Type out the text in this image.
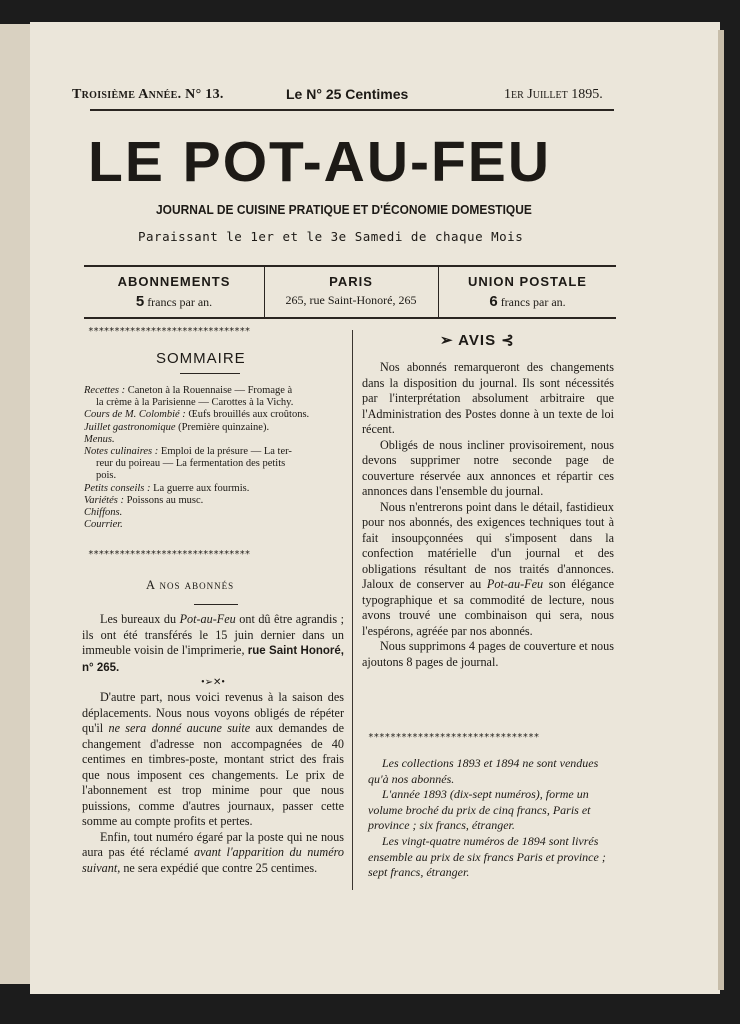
Troisième Année. N° 13.	Le N° 25 Centimes	1er Juillet 1895.
LE POT-AU-FEU
JOURNAL DE CUISINE PRATIQUE ET D'ÉCONOMIE DOMESTIQUE
Paraissant le 1er et le 3e Samedi de chaque Mois
ABONNEMENTS
5 francs par an.
PARIS
265, rue Saint-Honoré, 265
UNION POSTALE
6 francs par an.
*******************************
SOMMAIRE

Recettes : Caneton à la Rouennaise — Fromage à

la crème à la Parisienne — Carottes à la Vichy.

Cours de M. Colombié : Œufs brouillés aux croûtons.

Juillet gastronomique (Première quinzaine).

Menus.

Notes culinaires : Emploi de la présure — La ter-

reur du poireau — La fermentation des petits

pois.

Petits conseils : La guerre aux fourmis.

Variétés : Poissons au musc.

Chiffons.

Courrier.

*******************************
A nos abonnés

Les bureaux du Pot-au-Feu ont dû être agrandis ; ils ont été transférés le 15 juin dernier dans un immeuble voisin de l'imprimerie, rue Saint Honoré, n° 265.

•➢✕•

D'autre part, nous voici revenus à la saison des déplacements. Nous nous voyons obligés de répéter qu'il ne sera donné aucune suite aux demandes de changement d'adresse non accompagnées de 40 centimes en timbres-poste, montant strict des frais que nous imposent ces changements. Le prix de l'abonnement est trop minime pour que nous puissions, comme d'autres journaux, passer cette somme au compte profits et pertes.

Enfin, tout numéro égaré par la poste qui ne nous aura pas été réclamé avant l'apparition du numéro suivant, ne sera expédié que contre 25 centimes.

➢ AVIS ⊰

Nos abonnés remarqueront des changements dans la disposition du journal. Ils sont nécessités par l'interprétation absolument arbitraire que l'Administration des Postes donne à un texte de loi récent.

Obligés de nous incliner provisoirement, nous devons supprimer notre seconde page de couverture réservée aux annonces et répartir ces annonces dans l'ensemble du journal.

Nous n'entrerons point dans le détail, fastidieux pour nos abonnés, des exigences techniques tout à fait insoupçonnées qui s'imposent dans la confection matérielle d'un journal et des obligations résultant de nos traités d'annonces. Jaloux de conserver au Pot-au-Feu son élégance typographique et sa commodité de lecture, nous avons trouvé une combinaison qui sera, nous l'espérons, agréée par nos abonnés.

Nous supprimons 4 pages de couverture et nous ajoutons 8 pages de journal.

*******************************

Les collections 1893 et 1894 ne sont vendues qu'à nos abonnés.

L'année 1893 (dix-sept numéros), forme un volume broché du prix de cinq francs, Paris et province ; six francs, étranger.

Les vingt-quatre numéros de 1894 sont livrés ensemble au prix de six francs Paris et province ; sept francs, étranger.
